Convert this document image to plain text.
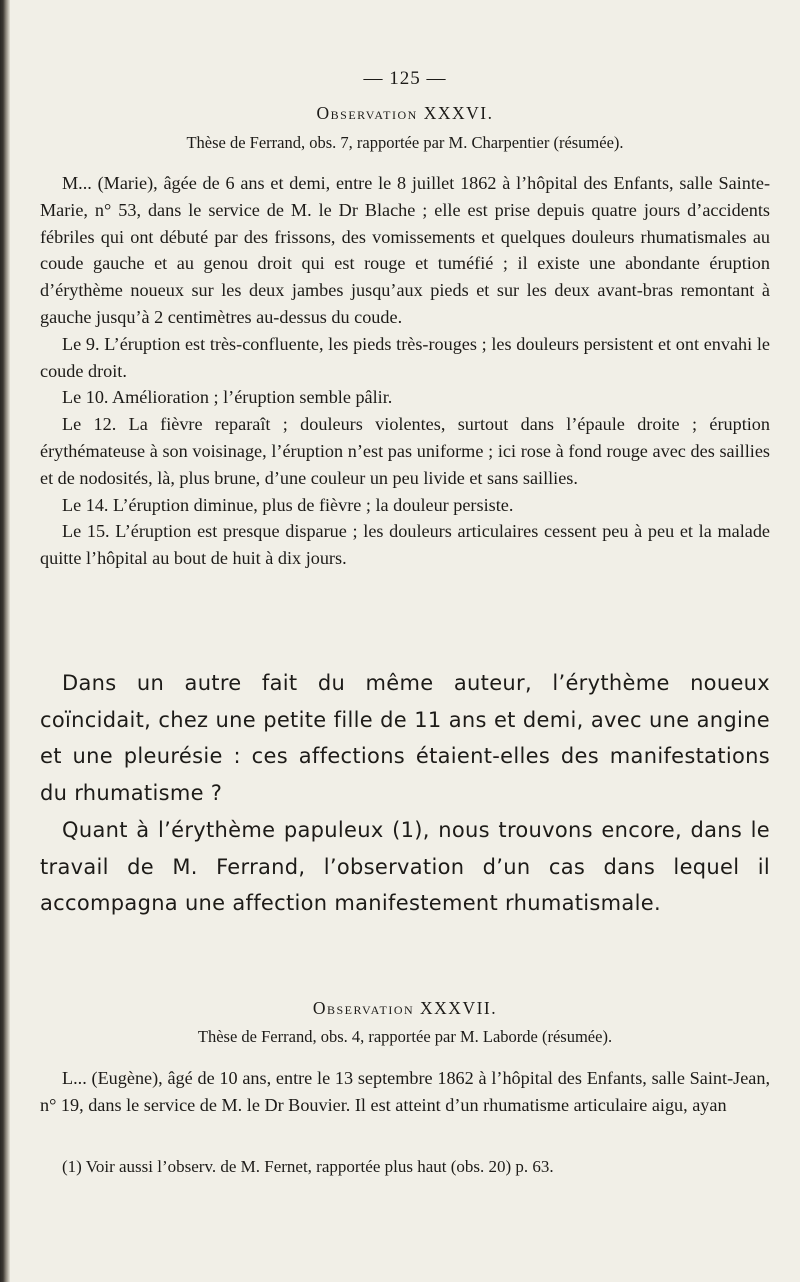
— 125 —
Observation XXXVI.
Thèse de Ferrand, obs. 7, rapportée par M. Charpentier (résumée).

M... (Marie), âgée de 6 ans et demi, entre le 8 juillet 1862 à l’hôpital des Enfants, salle Sainte-Marie, n° 53, dans le service de M. le Dr Blache ; elle est prise depuis quatre jours d’accidents fébriles qui ont débuté par des frissons, des vomissements et quelques douleurs rhumatismales au coude gauche et au genou droit qui est rouge et tuméfié ; il existe une abondante éruption d’érythème noueux sur les deux jambes jusqu’aux pieds et sur les deux avant-bras remontant à gauche jusqu’à 2 centimètres au-dessus du coude.

Le 9. L’éruption est très-confluente, les pieds très-rouges ; les douleurs persistent et ont envahi le coude droit.

Le 10. Amélioration ; l’éruption semble pâlir.

Le 12. La fièvre reparaît ; douleurs violentes, surtout dans l’épaule droite ; éruption érythémateuse à son voisinage, l’éruption n’est pas uniforme ; ici rose à fond rouge avec des saillies et de nodosités, là, plus brune, d’une couleur un peu livide et sans saillies.

Le 14. L’éruption diminue, plus de fièvre ; la douleur persiste.

Le 15. L’éruption est presque disparue ; les douleurs articulaires cessent peu à peu et la malade quitte l’hôpital au bout de huit à dix jours.

Dans un autre fait du même auteur, l’érythème noueux coïncidait, chez une petite fille de 11 ans et demi, avec une angine et une pleurésie : ces affections étaient-elles des manifestations du rhumatisme ?

Quant à l’érythème papuleux (1), nous trouvons encore, dans le travail de M. Ferrand, l’observation d’un cas dans lequel il accompagna une affection manifestement rhumatismale.

Observation XXXVII.
Thèse de Ferrand, obs. 4, rapportée par M. Laborde (résumée).

L... (Eugène), âgé de 10 ans, entre le 13 septembre 1862 à l’hôpital des Enfants, salle Saint-Jean, n° 19, dans le service de M. le Dr Bouvier. Il est atteint d’un rhumatisme articulaire aigu, ayan

(1) Voir aussi l’observ. de M. Fernet, rapportée plus haut (obs. 20) p. 63.
